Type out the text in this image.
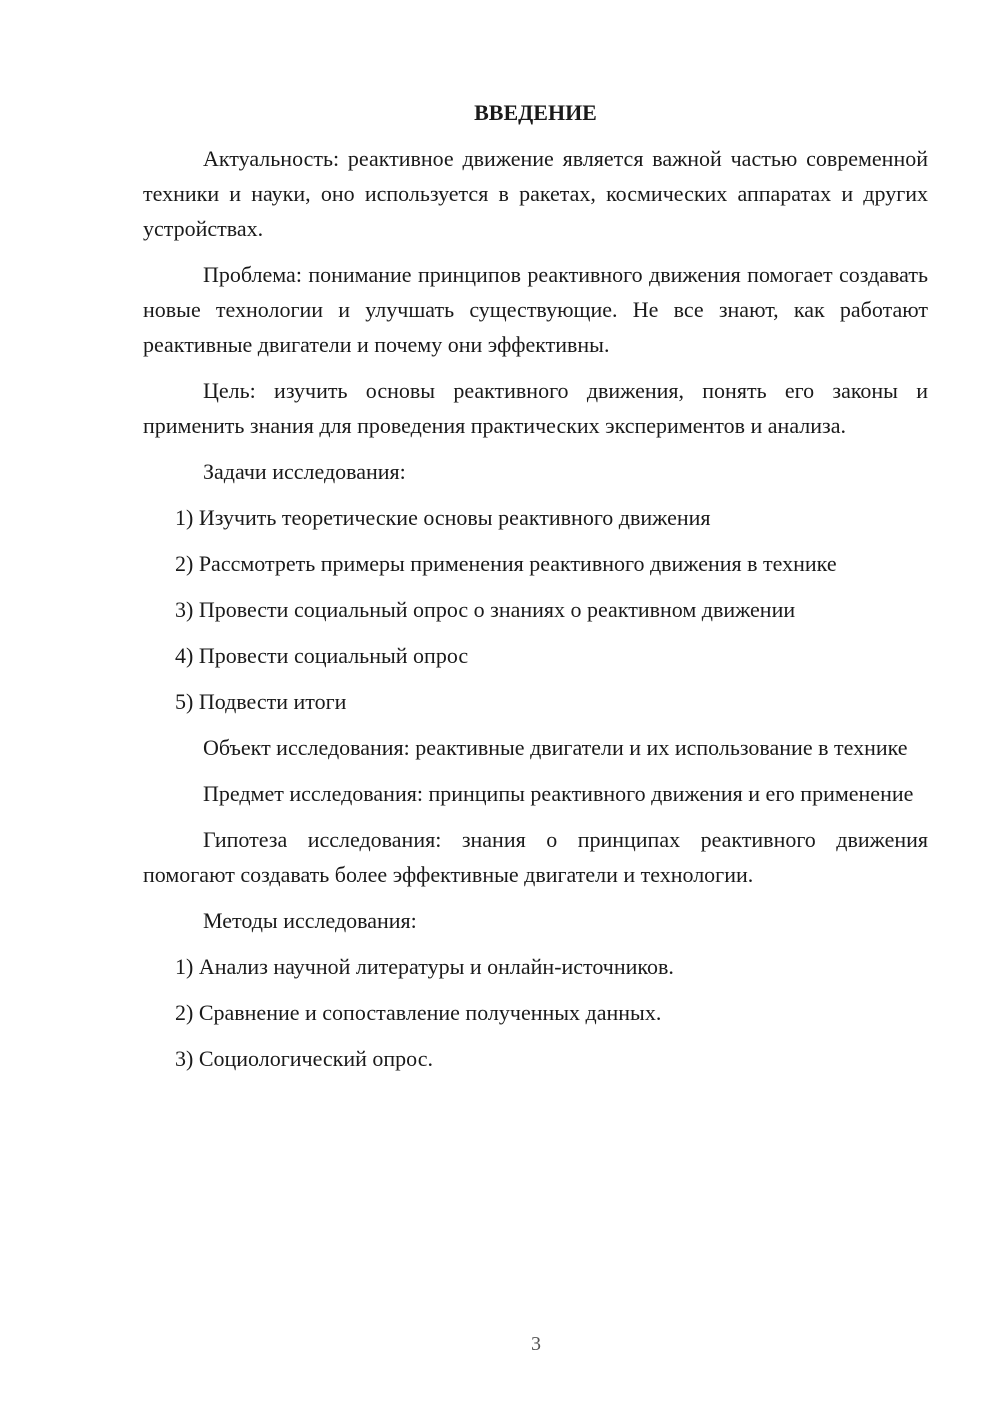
ВВЕДЕНИЕ

Актуальность: реактивное движение является важной частью современной техники и науки, оно используется в ракетах, космических аппаратах и других устройствах.

Проблема: понимание принципов реактивного движения помогает создавать новые технологии и улучшать существующие. Не все знают, как работают реактивные двигатели и почему они эффективны.

Цель: изучить основы реактивного движения, понять его законы и применить знания для проведения практических экспериментов и анализа.

Задачи исследования:

1) Изучить теоретические основы реактивного движения
2) Рассмотреть примеры применения реактивного движения в технике
3) Провести социальный опрос о знаниях о реактивном движении
4) Провести социальный опрос
5) Подвести итоги

Объект исследования: реактивные двигатели и их использование в технике

Предмет исследования: принципы реактивного движения и его применение

Гипотеза исследования: знания о принципах реактивного движения помогают создавать более эффективные двигатели и технологии.

Методы исследования:

1) Анализ научной литературы и онлайн-источников.
2) Сравнение и сопоставление полученных данных.
3) Социологический опрос.
3
